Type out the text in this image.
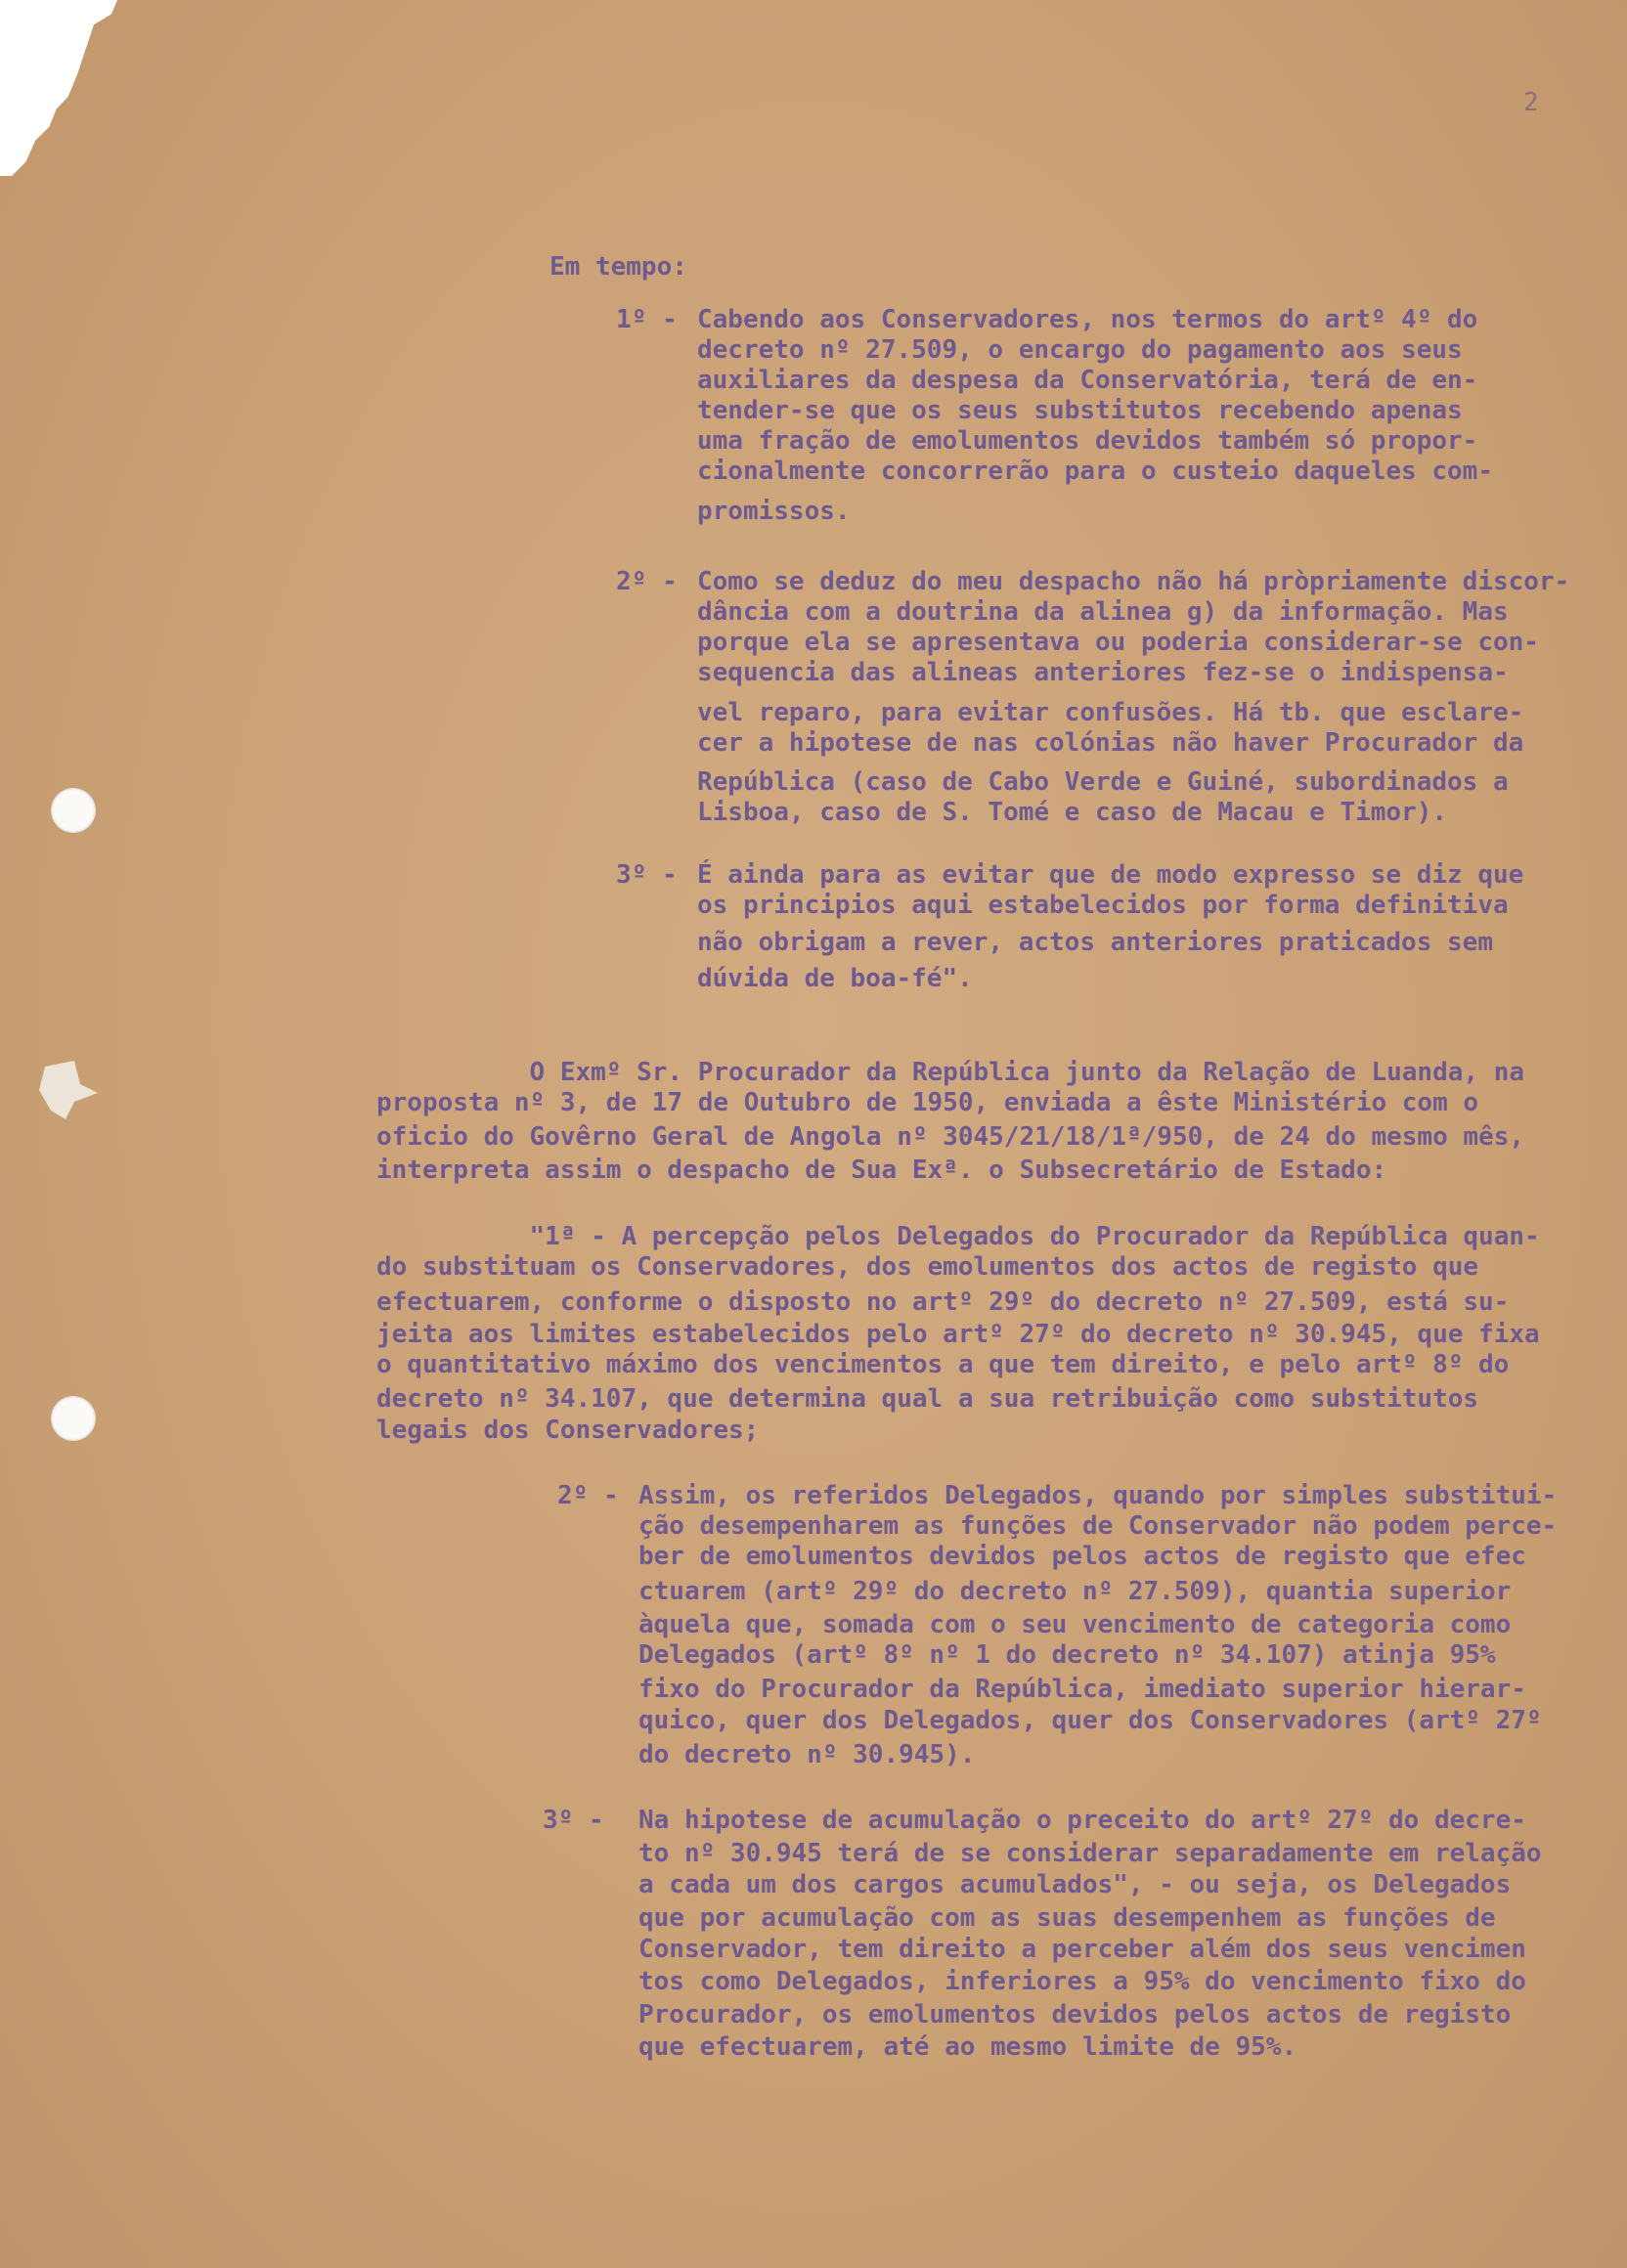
2

Em tempo:

1º - Cabendo aos Conservadores, nos termos do artº 4º do

decreto nº 27.509, o encargo do pagamento aos seus

auxiliares da despesa da Conservatória, terá de en-

tender-se que os seus substitutos recebendo apenas

uma fração de emolumentos devidos também só propor-

cionalmente concorrerão para o custeio daqueles com-

promissos.

2º - Como se deduz do meu despacho não há pròpriamente discor-

dância com a doutrina da alinea g) da informação. Mas

porque ela se apresentava ou poderia considerar-se con-

sequencia das alineas anteriores fez-se o indispensa-

vel reparo, para evitar confusões. Há tb. que esclare-

cer a hipotese de nas colónias não haver Procurador da

República (caso de Cabo Verde e Guiné, subordinados a

Lisboa, caso de S. Tomé e caso de Macau e Timor).

3º - É ainda para as evitar que de modo expresso se diz que

os principios aqui estabelecidos por forma definitiva

não obrigam a rever, actos anteriores praticados sem

dúvida de boa-fé".

O Exmº Sr. Procurador da República junto da Relação de Luanda, na

proposta nº 3, de 17 de Outubro de 1950, enviada a êste Ministério com o

oficio do Govêrno Geral de Angola nº 3045/21/18/1ª/950, de 24 do mesmo mês,

interpreta assim o despacho de Sua Exª. o Subsecretário de Estado:

"1ª - A percepção pelos Delegados do Procurador da República quan-

do substituam os Conservadores, dos emolumentos dos actos de registo que

efectuarem, conforme o disposto no artº 29º do decreto nº 27.509, está su-

jeita aos limites estabelecidos pelo artº 27º do decreto nº 30.945, que fixa

o quantitativo máximo dos vencimentos a que tem direito, e pelo artº 8º do

decreto nº 34.107, que determina qual a sua retribuição como substitutos

legais dos Conservadores;

2º - Assim, os referidos Delegados, quando por simples substitui-

ção desempenharem as funções de Conservador não podem perce-

ber de emolumentos devidos pelos actos de registo que efec

ctuarem (artº 29º do decreto nº 27.509), quantia superior

àquela que, somada com o seu vencimento de categoria como

Delegados (artº 8º nº 1 do decreto nº 34.107) atinja 95%

fixo do Procurador da República, imediato superior hierar-

quico, quer dos Delegados, quer dos Conservadores (artº 27º

do decreto nº 30.945).

3º - Na hipotese de acumulação o preceito do artº 27º do decre-

to nº 30.945 terá de se considerar separadamente em relação

a cada um dos cargos acumulados", - ou seja, os Delegados

que por acumulação com as suas desempenhem as funções de

Conservador, tem direito a perceber além dos seus vencimen

tos como Delegados, inferiores a 95% do vencimento fixo do

Procurador, os emolumentos devidos pelos actos de registo

que efectuarem, até ao mesmo limite de 95%.
